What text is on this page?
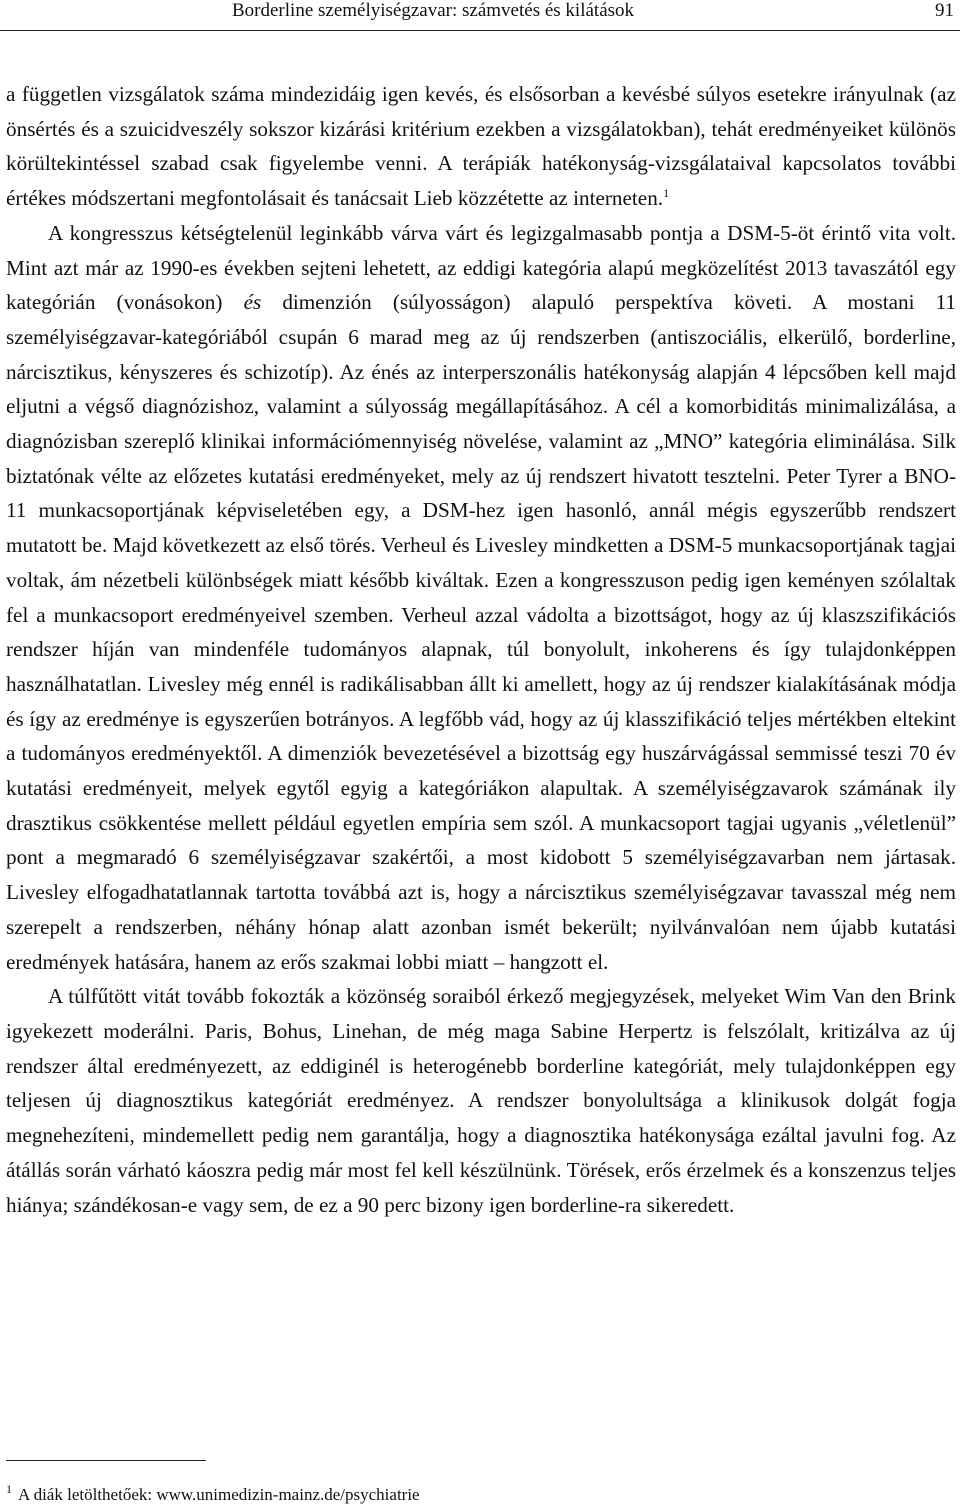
Borderline személyiségzavar: számvetés és kilátások	91

a független vizsgálatok száma mindezidáig igen kevés, és elsősorban a kevésbé súlyos esetekre irányulnak (az önsértés és a szuicidveszély sokszor kizárási kritérium ezekben a vizsgálatokban), tehát eredményeiket különös körültekintéssel szabad csak figyelembe venni. A terápiák hatékonyság-vizsgálataival kapcsolatos további értékes módszertani megfontolásait és tanácsait Lieb közzétette az interneten.$^1$

A kongresszus kétségtelenül leginkább várva várt és legizgalmasabb pontja a DSM-5-öt érintő vita volt. Mint azt már az 1990-es években sejteni lehetett, az eddigi kategória alapú megközelítést 2013 tavaszától egy kategórián (vonásokon) és dimenzión (súlyosságon) alapuló perspektíva követi. A mostani 11 személyiségzavar-kategóriából csupán 6 marad meg az új rendszerben (antiszociális, elkerülő, borderline, nárcisztikus, kényszeres és schizotíp). Az énés az interperszonális hatékonyság alapján 4 lépcsőben kell majd eljutni a végső diagnózishoz, valamint a súlyosság megállapításához. A cél a komorbiditás minimalizálása, a diagnózisban szereplő klinikai információmennyiség növelése, valamint az „MNO” kategória eliminálása. Silk biztatónak vélte az előzetes kutatási eredményeket, mely az új rendszert hivatott tesztelni. Peter Tyrer a BNO-11 munkacsoportjának képviseletében egy, a DSM-hez igen hasonló, annál mégis egyszerűbb rendszert mutatott be. Majd következett az első törés. Verheul és Livesley mindketten a DSM-5 munkacsoportjának tagjai voltak, ám nézetbeli különbségek miatt később kiváltak. Ezen a kongresszuson pedig igen keményen szólaltak fel a munkacsoport eredményeivel szemben. Verheul azzal vádolta a bizottságot, hogy az új klaszszifikációs rendszer híján van mindenféle tudományos alapnak, túl bonyolult, inkoherens és így tulajdonképpen használhatatlan. Livesley még ennél is radikálisabban állt ki amellett, hogy az új rendszer kialakításának módja és így az eredménye is egyszerűen botrányos. A legfőbb vád, hogy az új klasszifikáció teljes mértékben eltekint a tudományos eredményektől. A dimenziók bevezetésével a bizottság egy huszárvágással semmissé teszi 70 év kutatási eredményeit, melyek egytől egyig a kategóriákon alapultak. A személyiségzavarok számának ily drasztikus csökkentése mellett például egyetlen empíria sem szól. A munkacsoport tagjai ugyanis „véletlenül” pont a megmaradó 6 személyiségzavar szakértői, a most kidobott 5 személyiségzavarban nem jártasak. Livesley elfogadhatatlannak tartotta továbbá azt is, hogy a nárcisztikus személyiségzavar tavasszal még nem szerepelt a rendszerben, néhány hónap alatt azonban ismét bekerült; nyilvánvalóan nem újabb kutatási eredmények hatására, hanem az erős szakmai lobbi miatt – hangzott el.

A túlfűtött vitát tovább fokozták a közönség soraiból érkező megjegyzések, melyeket Wim Van den Brink igyekezett moderálni. Paris, Bohus, Linehan, de még maga Sabine Herpertz is felszólalt, kritizálva az új rendszer által eredményezett, az eddiginél is heterogénebb borderline kategóriát, mely tulajdonképpen egy teljesen új diagnosztikus kategóriát eredményez. A rendszer bonyolultsága a klinikusok dolgát fogja megnehezíteni, mindemellett pedig nem garantálja, hogy a diagnosztika hatékonysága ezáltal javulni fog. Az átállás során várható káoszra pedig már most fel kell készülnünk. Törések, erős érzelmek és a konszenzus teljes hiánya; szándékosan-e vagy sem, de ez a 90 perc bizony igen borderline-ra sikeredett.

$^1$ A diák letölthetőek: www.unimedizin-mainz.de/psychiatrie
